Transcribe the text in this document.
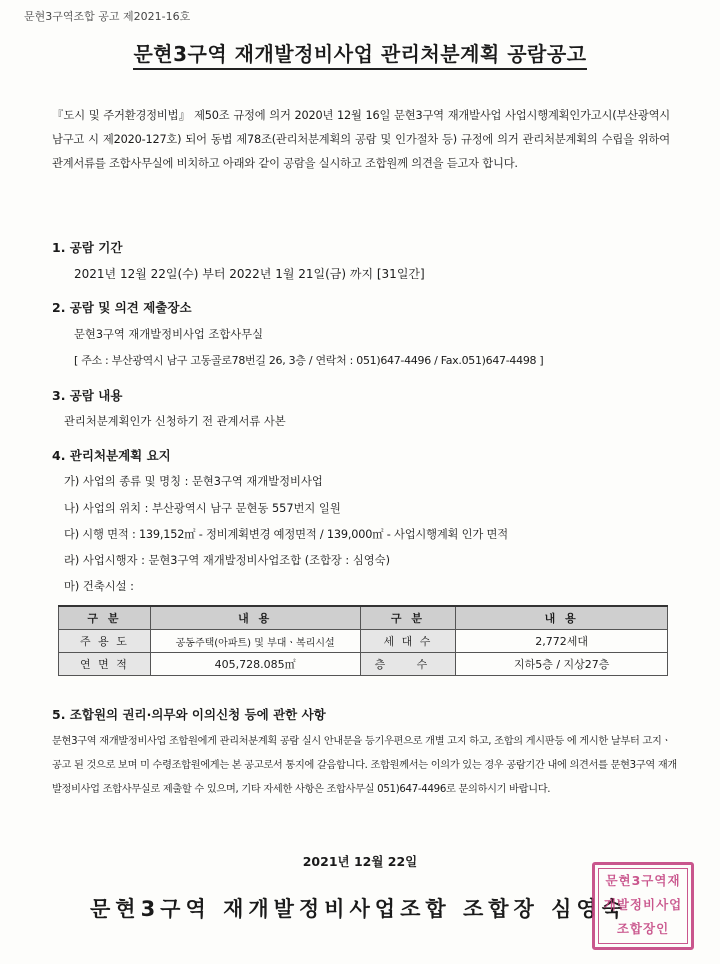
문현3구역조합 공고 제2021-16호
문현3구역 재개발정비사업 관리처분계획 공람공고
『도시 및 주거환경정비법』 제50조 규정에 의거 2020년 12월 16일 문현3구역 재개발사업 사업시행계획인가고시(부산광역시 남구고 시 제2020-127호) 되어 동법 제78조(관리처분계획의 공람 및 인가절차 등) 규정에 의거 관리처분계획의 수립을 위하여 관계서류를 조합사무실에 비치하고 아래와 같이 공람을 실시하고 조합원께 의견을 듣고자 합니다.
1. 공람 기간
2021년 12월 22일(수) 부터 2022년 1월 21일(금) 까지 [31일간]
2. 공람 및 의견 제출장소
문현3구역 재개발정비사업 조합사무실
[ 주소 : 부산광역시 남구 고동골로78번길 26, 3층 / 연락처 : 051)647-4496 / Fax.051)647-4498 ]
3. 공람 내용
관리처분계획인가 신청하기 전 관계서류 사본
4. 관리처분계획 요지
가) 사업의 종류 및 명칭 : 문현3구역 재개발정비사업
나) 사업의 위치 : 부산광역시 남구 문현동 557번지 일원
다) 시행 면적 : 139,152㎡ - 정비계획변경 예정면적 / 139,000㎡ - 사업시행계획 인가 면적
라) 사업시행자 : 문현3구역 재개발정비사업조합 (조합장 : 심영숙)
마) 건축시설 :
구 분	내 용	구 분	내 용
주 용 도	공동주택(아파트) 및 부대ㆍ복리시설	세 대 수	2,772세대
연 면 적	405,728.085㎡	층 수	지하5층 / 지상27층
5. 조합원의 권리·의무와 이의신청 등에 관한 사항
문현3구역 재개발정비사업 조합원에게 관리처분계획 공람 실시 안내문을 등기우편으로 개별 고지 하고, 조합의 게시판등 에 게시한 날부터 고지ㆍ공고 된 것으로 보며 미 수령조합원에게는 본 공고로서 통지에 갈음합니다. 조합원께서는 이의가 있는 경우 공람기간 내에 의견서를 문현3구역 재개발정비사업 조합사무실로 제출할 수 있으며, 기타 자세한 사항은 조합사무실 051)647-4496로 문의하시기 바랍니다.
2021년 12월 22일
문현3구역 재개발정비사업조합 조합장 심영숙
문현3구역재개발정비사업조합장인
